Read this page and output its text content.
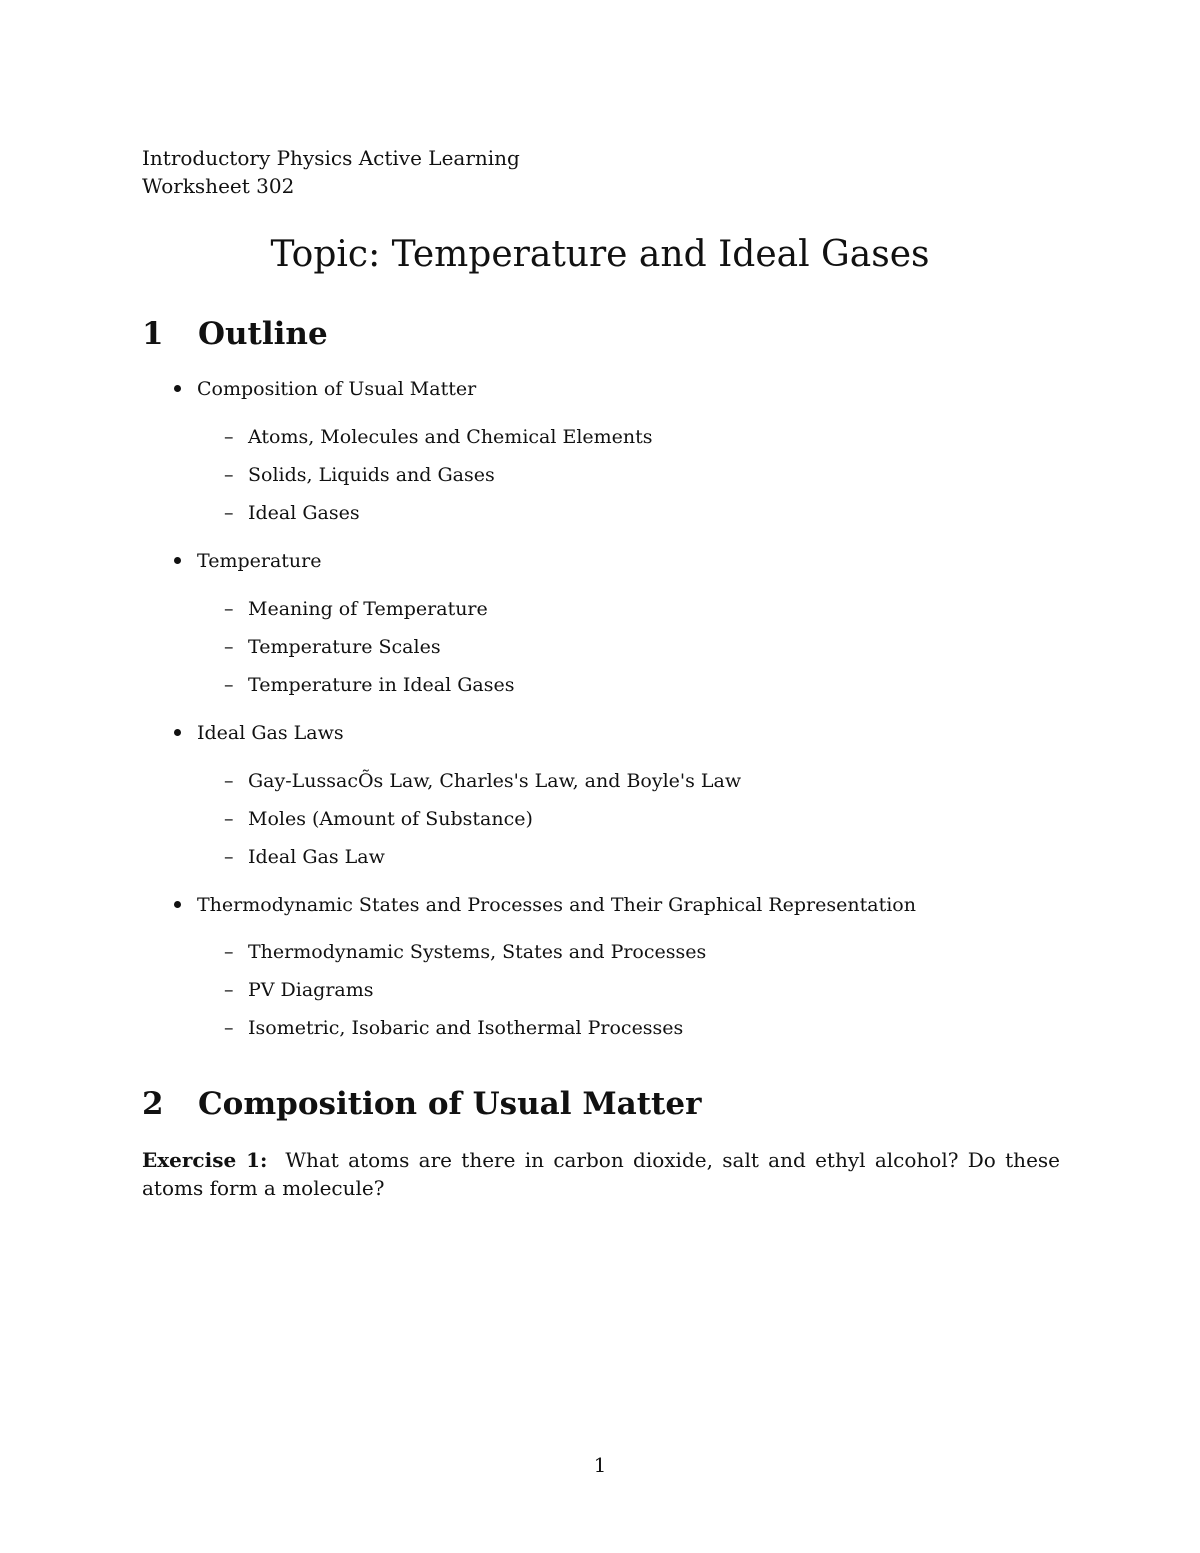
Introductory Physics Active Learning
Worksheet 302
Topic: Temperature and Ideal Gases
1 Outline
Composition of Usual Matter
– Atoms, Molecules and Chemical Elements
– Solids, Liquids and Gases
– Ideal Gases
Temperature
– Meaning of Temperature
– Temperature Scales
– Temperature in Ideal Gases
Ideal Gas Laws
– Gay-LussacÕs Law, Charles's Law, and Boyle's Law
– Moles (Amount of Substance)
– Ideal Gas Law
Thermodynamic States and Processes and Their Graphical Representation
– Thermodynamic Systems, States and Processes
– PV Diagrams
– Isometric, Isobaric and Isothermal Processes
2 Composition of Usual Matter
Exercise 1: What atoms are there in carbon dioxide, salt and ethyl alcohol? Do these atoms form a molecule?
1
